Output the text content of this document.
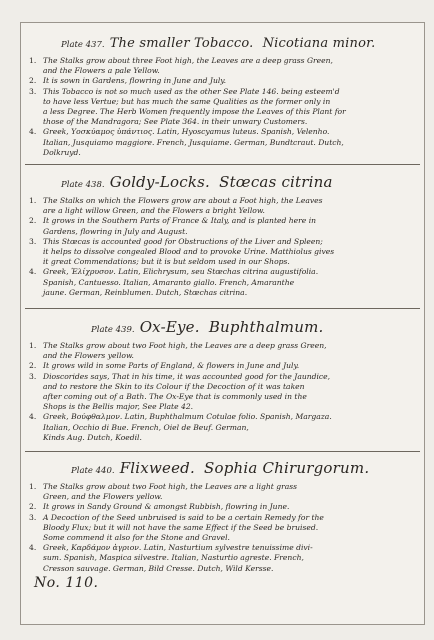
Plate 437. The smaller Tobacco. Nicotiana minor.
1. The Stalks grow about three Foot high, the Leaves are a deep grass Green,
and the Flowers a pale Yellow.
2. It is sown in Gardens, flowring in June and July.
3. This Tobacco is not so much used as the other See Plate 146. being esteem'd
to have less Vertue; but has much the same Qualities as the former only in
a less Degree. The Herb Women frequently impose the Leaves of this Plant for
those of the Mandragora; See Plate 364. in their unwary Customers.
4. Greek, Υοσκύαμος ὑπάντιος. Latin, Hyoscyamus luteus. Spanish, Velenho.
Italian, Jusquiamo maggiore. French, Jusquiame. German, Bundtcraut. Dutch,
Dolkruyd.
Plate 438. Goldy-Locks. Stœcas citrina
1. The Stalks on which the Flowers grow are about a Foot high, the Leaves
are a light willow Green, and the Flowers a bright Yellow.
2. It grows in the Southern Parts of France & Italy, and is planted here in
Gardens, flowring in July and August.
3. This Stœcas is accounted good for Obstructions of the Liver and Spleen;
it helps to dissolve congealed Blood and to provoke Urine. Matthiolus gives
it great Commendations; but it is but seldom used in our Shops.
4. Greek, Ἐλίχρυσον. Latin, Elichrysum, seu Stœchas citrina augustifolia.
Spanish, Cantuesso. Italian, Amaranto giallo. French, Amaranthe
jaune. German, Reinblumen. Dutch, Stœchas citrina.
Plate 439. Ox-Eye. Buphthalmum.
1. The Stalks grow about two Foot high, the Leaves are a deep grass Green,
and the Flowers yellow.
2. It grows wild in some Parts of England, & flowers in June and July.
3. Dioscorides says, That in his time, it was accounted good for the Jaundice,
and to restore the Skin to its Colour if the Decoction of it was taken
after coming out of a Bath. The Ox-Eye that is commonly used in the
Shops is the Bellis major, See Plate 42.
4. Greek, Βούφθαλμον. Latin, Buphthalmum Cotulae folio. Spanish, Margaza.
Italian, Occhio di Bue. French, Oiel de Beuf. German,
Kinds Aug. Dutch, Koedil.
Plate 440. Flixweed. Sophia Chirurgorum.
1. The Stalks grow about two Foot high, the Leaves are a light grass
Green, and the Flowers yellow.
2. It grows in Sandy Ground & amongst Rubbish, flowring in June.
3. A Decoction of the Seed unbruised is said to be a certain Remedy for the
Bloody Flux; but it will not have the same Effect if the Seed be bruised.
Some commend it also for the Stone and Gravel.
4. Greek, Καρδάμον ἀγριον. Latin, Nasturtium sylvestre tenuissime divi-
sum. Spanish, Maspica silvestre. Italian, Nasturtio agreste. French,
Cresson sauvage. German, Bild Cresse. Dutch, Wild Kersse.
No. 110.
